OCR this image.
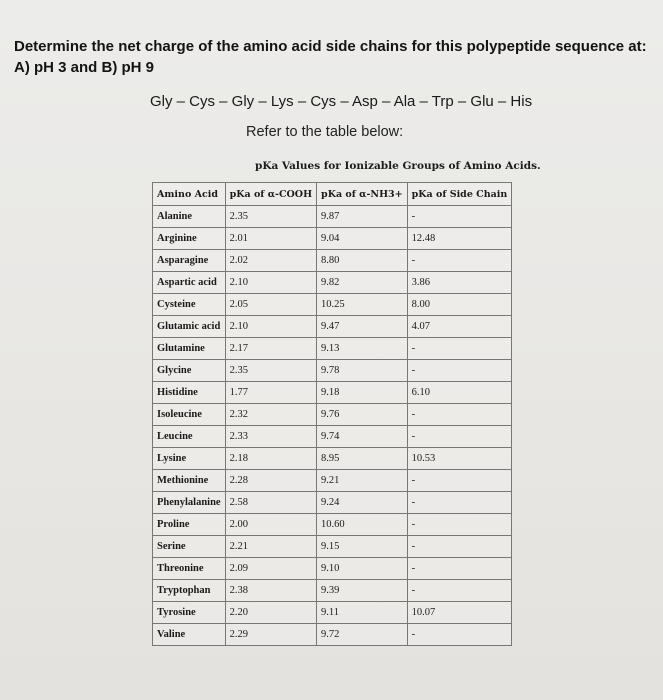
Determine the net charge of the amino acid side chains for this polypeptide sequence at:
A) pH 3 and B) pH 9
Gly – Cys – Gly – Lys – Cys – Asp – Ala – Trp – Glu – His
Refer to the table below:
pKa Values for Ionizable Groups of Amino Acids.
Amino Acid	pKa of α-COOH	pKa of α-NH3+	pKa of Side Chain
Alanine	2.35	9.87	-
Arginine	2.01	9.04	12.48
Asparagine	2.02	8.80	-
Aspartic acid	2.10	9.82	3.86
Cysteine	2.05	10.25	8.00
Glutamic acid	2.10	9.47	4.07
Glutamine	2.17	9.13	-
Glycine	2.35	9.78	-
Histidine	1.77	9.18	6.10
Isoleucine	2.32	9.76	-
Leucine	2.33	9.74	-
Lysine	2.18	8.95	10.53
Methionine	2.28	9.21	-
Phenylalanine	2.58	9.24	-
Proline	2.00	10.60	-
Serine	2.21	9.15	-
Threonine	2.09	9.10	-
Tryptophan	2.38	9.39	-
Tyrosine	2.20	9.11	10.07
Valine	2.29	9.72	-
